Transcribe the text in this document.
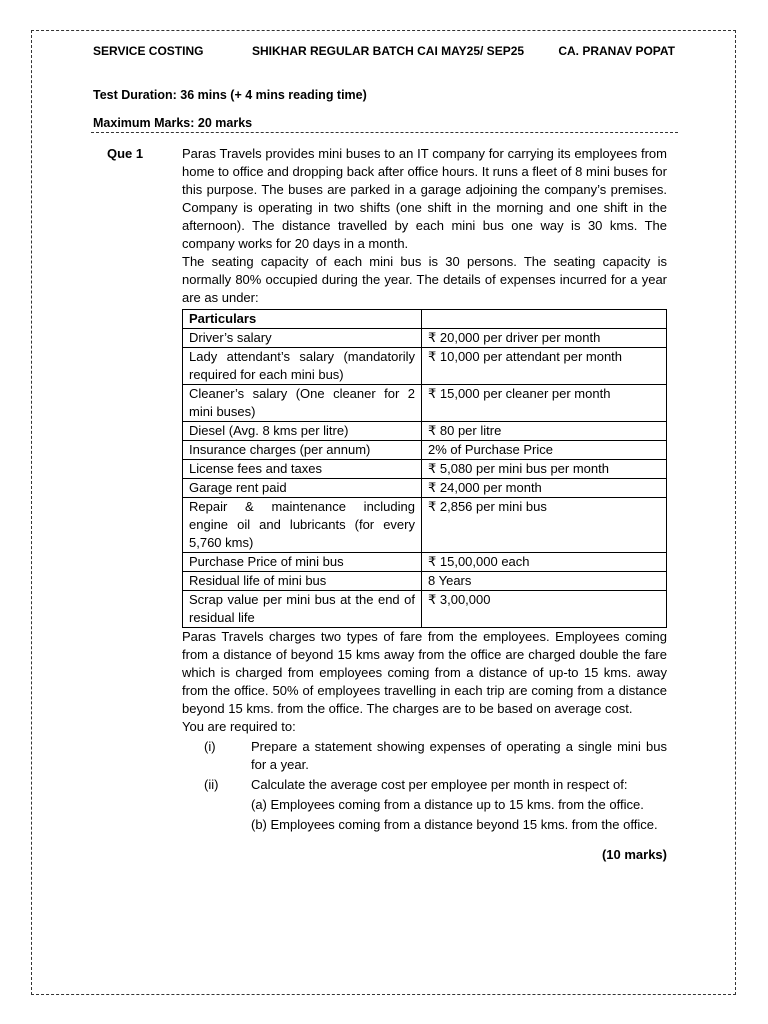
SERVICE COSTING	SHIKHAR REGULAR BATCH CAI MAY25/ SEP25	CA. PRANAV POPAT
Test Duration: 36 mins (+ 4 mins reading time)
Maximum Marks: 20 marks
Que 1	Paras Travels provides mini buses to an IT company for carrying its employees from home to office and dropping back after office hours. It runs a fleet of 8 mini buses for this purpose. The buses are parked in a garage adjoining the company’s premises. Company is operating in two shifts (one shift in the morning and one shift in the afternoon). The distance travelled by each mini bus one way is 30 kms. The company works for 20 days in a month.

The seating capacity of each mini bus is 30 persons. The seating capacity is normally 80% occupied during the year. The details of expenses incurred for a year are as under:

Particulars	
Driver’s salary	₹ 20,000 per driver per month
Lady attendant’s salary (mandatorily required for each mini bus)	₹ 10,000 per attendant per month
Cleaner’s salary (One cleaner for 2 mini buses)	₹ 15,000 per cleaner per month
Diesel (Avg. 8 kms per litre)	₹ 80 per litre
Insurance charges (per annum)	2% of Purchase Price
License fees and taxes	₹ 5,080 per mini bus per month
Garage rent paid	₹ 24,000 per month
Repair & maintenance including engine oil and lubricants (for every 5,760 kms)	₹ 2,856 per mini bus
Purchase Price of mini bus	₹ 15,00,000 each
Residual life of mini bus	8 Years
Scrap value per mini bus at the end of residual life	₹ 3,00,000

Paras Travels charges two types of fare from the employees. Employees coming from a distance of beyond 15 kms away from the office are charged double the fare which is charged from employees coming from a distance of up-to 15 kms. away from the office. 50% of employees travelling in each trip are coming from a distance beyond 15 kms. from the office. The charges are to be based on average cost.

You are required to:

(i)	Prepare a statement showing expenses of operating a single mini bus for a year.
(ii)	Calculate the average cost per employee per month in respect of:
(a) Employees coming from a distance up to 15 kms. from the office.
(b) Employees coming from a distance beyond 15 kms. from the office.
(10 marks)
